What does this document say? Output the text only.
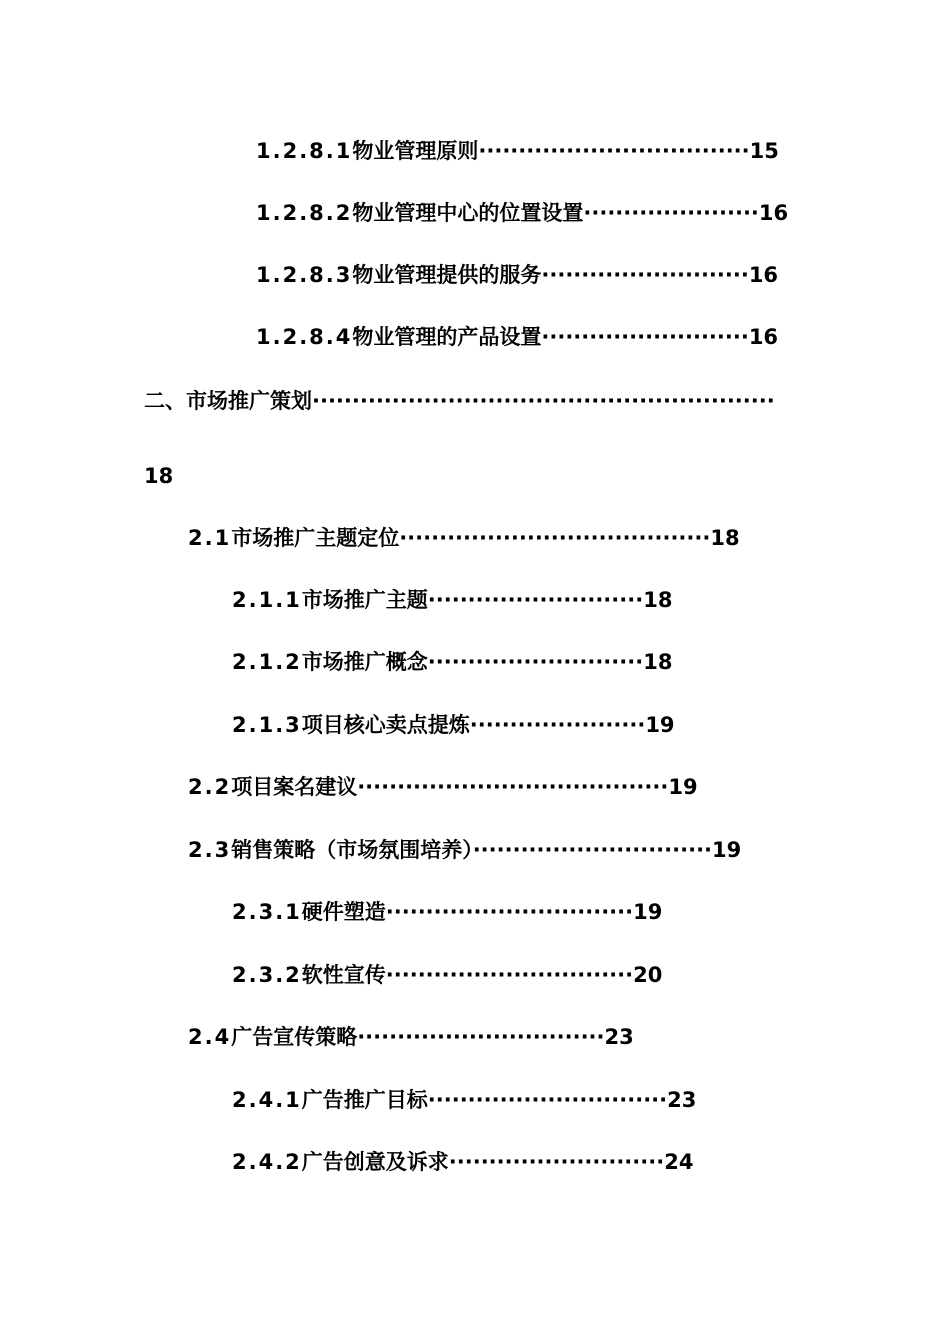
1.2.8.1物业管理原则··································15
1.2.8.2物业管理中心的位置设置······················16
1.2.8.3物业管理提供的服务··························16
1.2.8.4物业管理的产品设置··························16
二、市场推广策划··························································
18
2.1市场推广主题定位·······································18
2.1.1市场推广主题···························18
2.1.2市场推广概念···························18
2.1.3项目核心卖点提炼······················19
2.2项目案名建议·······································19
2.3销售策略（市场氛围培养）······························19
2.3.1硬件塑造·······························19
2.3.2软性宣传·······························20
2.4广告宣传策略·······························23
2.4.1广告推广目标······························23
2.4.2广告创意及诉求···························24
